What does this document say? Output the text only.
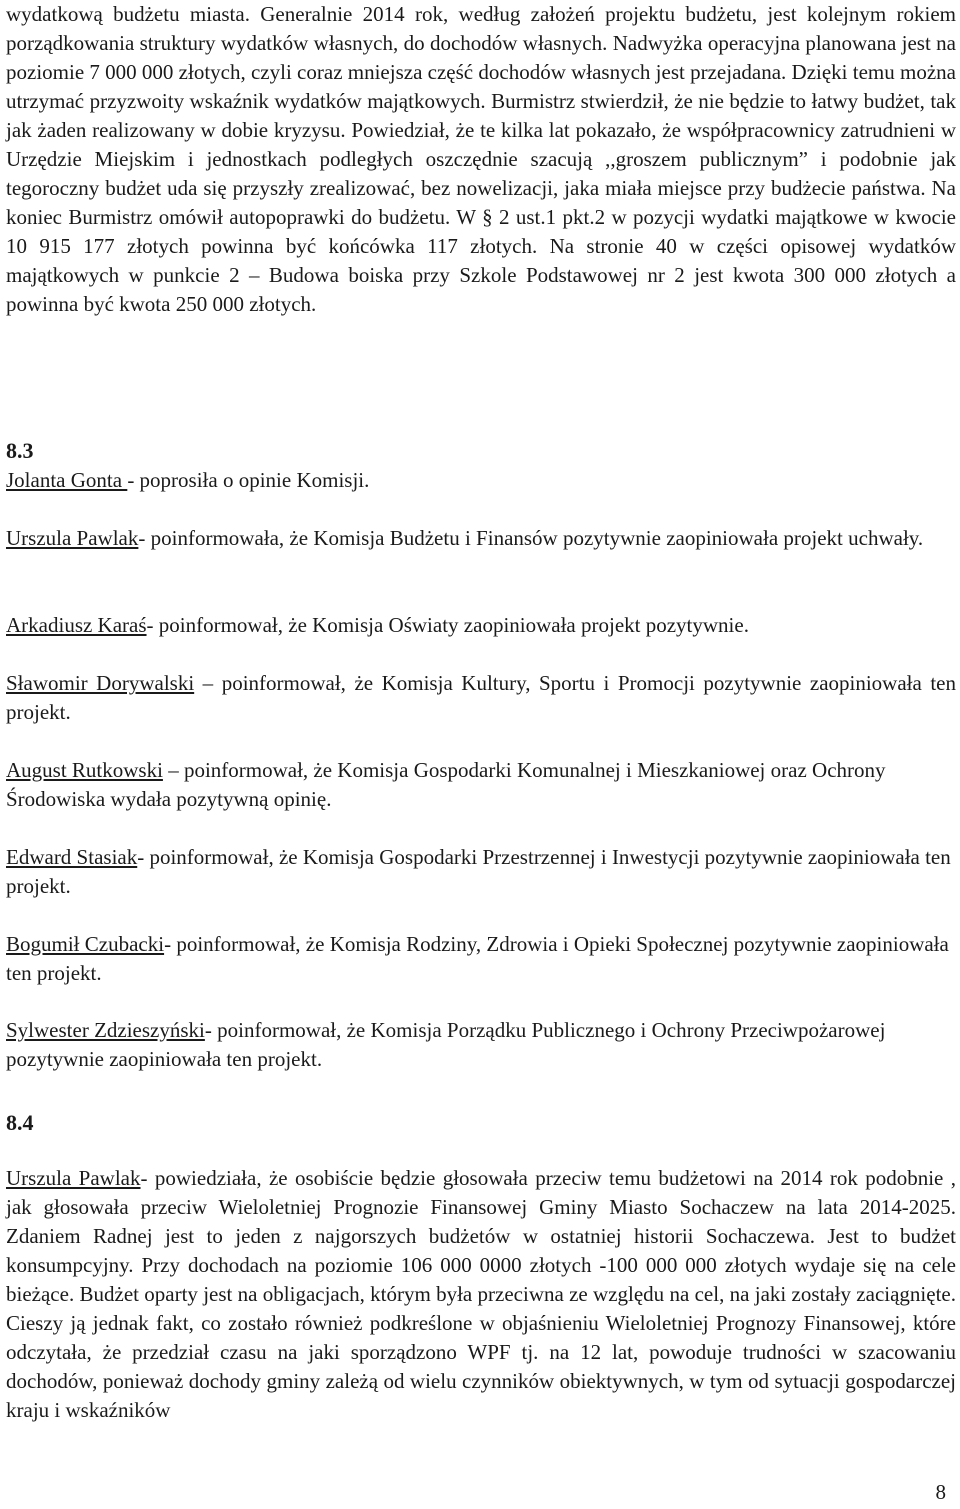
wydatkową budżetu miasta. Generalnie 2014 rok, według założeń projektu budżetu, jest kolejnym rokiem porządkowania struktury wydatków własnych, do dochodów własnych. Nadwyżka operacyjna planowana jest na poziomie 7 000 000 złotych, czyli coraz mniejsza część dochodów własnych jest przejadana. Dzięki temu można utrzymać przyzwoity wskaźnik wydatków majątkowych. Burmistrz stwierdził, że nie będzie to łatwy budżet, tak jak żaden realizowany w dobie kryzysu. Powiedział, że te kilka lat pokazało, że współpracownicy zatrudnieni w Urzędzie Miejskim i jednostkach podległych oszczędnie szacują ,,groszem publicznym” i podobnie jak tegoroczny budżet uda się przyszły zrealizować, bez nowelizacji, jaka miała miejsce przy budżecie państwa. Na koniec Burmistrz omówił autopoprawki do budżetu. W § 2 ust.1 pkt.2 w pozycji wydatki majątkowe w kwocie 10 915 177 złotych powinna być końcówka 117 złotych. Na stronie 40 w części opisowej wydatków majątkowych w punkcie 2 – Budowa boiska przy Szkole Podstawowej nr 2 jest kwota 300 000 złotych a powinna być kwota 250 000 złotych.

8.3

Jolanta Gonta - poprosiła o opinie Komisji.

Urszula Pawlak- poinformowała, że Komisja Budżetu i Finansów pozytywnie zaopiniowała projekt uchwały.

Arkadiusz Karaś- poinformował, że Komisja Oświaty zaopiniowała projekt pozytywnie.

Sławomir Dorywalski – poinformował, że Komisja Kultury, Sportu i Promocji pozytywnie zaopiniowała ten projekt.

August Rutkowski – poinformował, że Komisja Gospodarki Komunalnej i Mieszkaniowej oraz Ochrony Środowiska wydała pozytywną opinię.

Edward Stasiak- poinformował, że Komisja Gospodarki Przestrzennej i Inwestycji pozytywnie zaopiniowała ten projekt.

Bogumił Czubacki- poinformował, że Komisja Rodziny, Zdrowia i Opieki Społecznej pozytywnie zaopiniowała ten projekt.

Sylwester Zdzieszyński- poinformował, że Komisja Porządku Publicznego i Ochrony Przeciwpożarowej pozytywnie zaopiniowała ten projekt.

8.4

Urszula Pawlak- powiedziała, że osobiście będzie głosowała przeciw temu budżetowi na 2014 rok podobnie , jak głosowała przeciw Wieloletniej Prognozie Finansowej Gminy Miasto Sochaczew na lata 2014-2025. Zdaniem Radnej jest to jeden z najgorszych budżetów w ostatniej historii Sochaczewa. Jest to budżet konsumpcyjny. Przy dochodach na poziomie 106 000 0000 złotych -100 000 000 złotych wydaje się na cele bieżące. Budżet oparty jest na obligacjach, którym była przeciwna ze względu na cel, na jaki zostały zaciągnięte. Cieszy ją jednak fakt, co zostało również podkreślone w objaśnieniu Wieloletniej Prognozy Finansowej, które odczytała, że przedział czasu na jaki sporządzono WPF tj. na 12 lat, powoduje trudności w szacowaniu dochodów, ponieważ dochody gminy zależą od wielu czynników obiektywnych, w tym od sytuacji gospodarczej kraju i wskaźników

8
